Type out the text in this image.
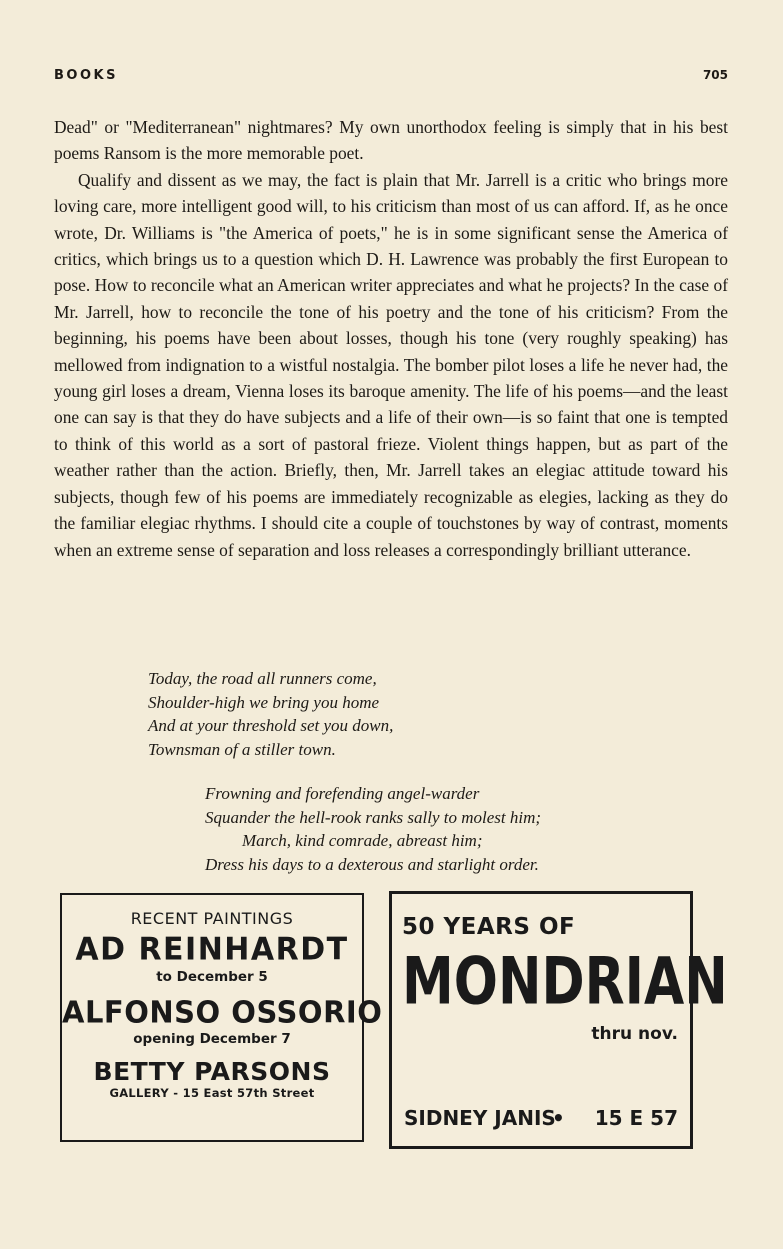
BOOKS	705

Dead" or "Mediterranean" nightmares? My own unorthodox feeling is simply that in his best poems Ransom is the more memorable poet.

Qualify and dissent as we may, the fact is plain that Mr. Jarrell is a critic who brings more loving care, more intelligent good will, to his criticism than most of us can afford. If, as he once wrote, Dr. Williams is "the America of poets," he is in some significant sense the America of critics, which brings us to a question which D. H. Lawrence was probably the first European to pose. How to reconcile what an American writer appreciates and what he projects? In the case of Mr. Jarrell, how to reconcile the tone of his poetry and the tone of his criticism? From the beginning, his poems have been about losses, though his tone (very roughly speaking) has mellowed from indignation to a wistful nostalgia. The bomber pilot loses a life he never had, the young girl loses a dream, Vienna loses its baroque amenity. The life of his poems—and the least one can say is that they do have subjects and a life of their own—is so faint that one is tempted to think of this world as a sort of pastoral frieze. Violent things happen, but as part of the weather rather than the action. Briefly, then, Mr. Jarrell takes an elegiac attitude toward his subjects, though few of his poems are immediately recognizable as elegies, lacking as they do the familiar elegiac rhythms. I should cite a couple of touchstones by way of contrast, moments when an extreme sense of separation and loss releases a correspondingly brilliant utterance.

Today, the road all runners come,
Shoulder-high we bring you home
And at your threshold set you down,
Townsman of a stiller town.
Frowning and forefending angel-warder
Squander the hell-rook ranks sally to molest him;
March, kind comrade, abreast him;
Dress his days to a dexterous and starlight order.
RECENT PAINTINGS
AD REINHARDT
to December 5
ALFONSO OSSORIO
opening December 7
BETTY PARSONS
GALLERY - 15 East 57th Street
50 YEARS OF
MONDRIAN
thru nov.
SIDNEY JANIS
• 15 E 57
